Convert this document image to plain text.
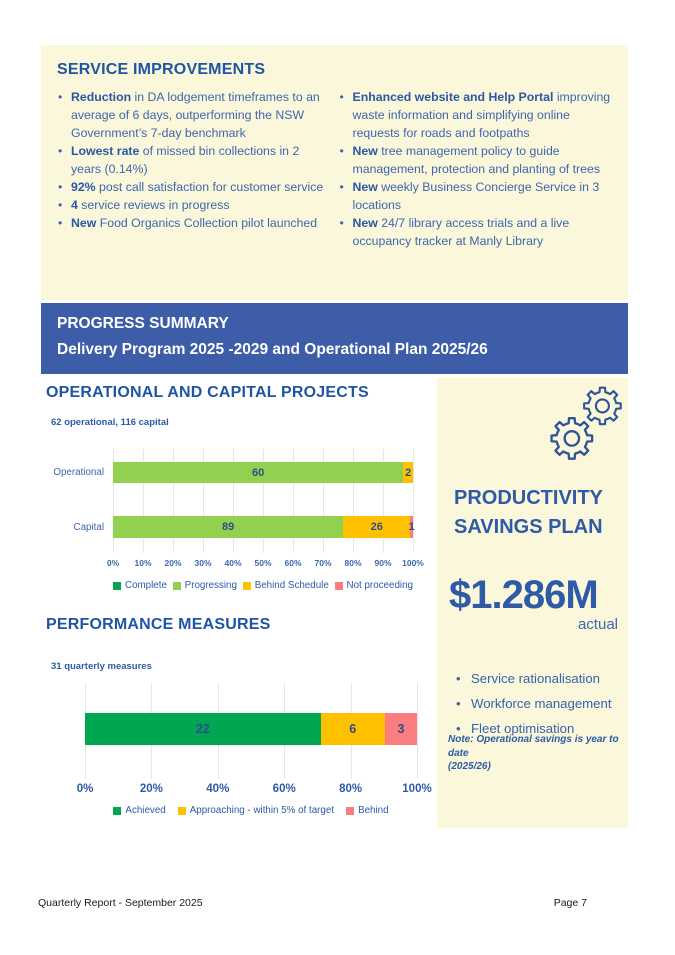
SERVICE IMPROVEMENTS
• Reduction in DA lodgement timeframes to an average of 6 days, outperforming the NSW Government’s 7-day benchmark
• Lowest rate of missed bin collections in 2 years (0.14%)
• 92% post call satisfaction for customer service
• 4 service reviews in progress
• New Food Organics Collection pilot launched
• Enhanced website and Help Portal improving waste information and simplifying online requests for roads and footpaths
• New tree management policy to guide management, protection and planting of trees
• New weekly Business Concierge Service in 3 locations
• New 24/7 library access trials and a live occupancy tracker at Manly Library
PROGRESS SUMMARY
Delivery Program 2025 -2029 and Operational Plan 2025/26
OPERATIONAL AND CAPITAL PROJECTS
62 operational, 116 capital
Operational	60	2
Capital	89	26	1
0% 10% 20% 30% 40% 50% 60% 70% 80% 90% 100%
Complete	Progressing	Behind Schedule	Not proceeding
PERFORMANCE MEASURES
31 quarterly measures
22	6	3
0%	20%	40%	60%	80%	100%
Achieved	Approaching - within 5% of target	Behind
PRODUCTIVITY
SAVINGS PLAN
$1.286M
actual
• Service rationalisation
• Workforce management
• Fleet optimisation
Note: Operational savings is year to date
(2025/26)
Quarterly Report - September 2025	Page 7
